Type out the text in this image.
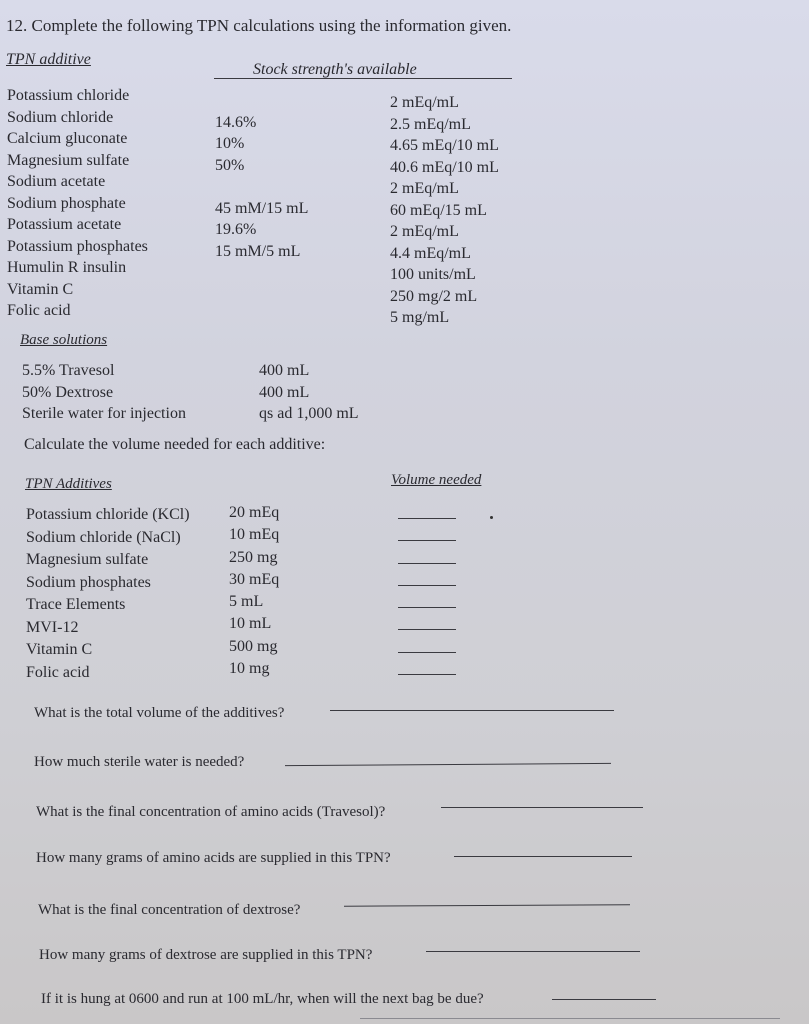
12. Complete the following TPN calculations using the information given.
TPN additive
Stock strength's available
Potassium chloride
Sodium chloride
Calcium gluconate
Magnesium sulfate
Sodium acetate
Sodium phosphate
Potassium acetate
Potassium phosphates
Humulin R insulin
Vitamin C
Folic acid
14.6%
10%
50%
45 mM/15 mL
19.6%
15 mM/5 mL
2 mEq/mL
2.5 mEq/mL
4.65 mEq/10 mL
40.6 mEq/10 mL
2 mEq/mL
60 mEq/15 mL
2 mEq/mL
4.4 mEq/mL
100 units/mL
250 mg/2 mL
5 mg/mL
Base solutions
5.5% Travesol
50% Dextrose
Sterile water for injection
400 mL
400 mL
qs ad 1,000 mL
Calculate the volume needed for each additive:
TPN Additives	Volume needed
Potassium chloride (KCl)
Sodium chloride (NaCl)
Magnesium sulfate
Sodium phosphates
Trace Elements
MVI-12
Vitamin C
Folic acid
20 mEq
10 mEq
250 mg
30 mEq
5 mL
10 mL
500 mg
10 mg
What is the total volume of the additives?
How much sterile water is needed?
What is the final concentration of amino acids (Travesol)?
How many grams of amino acids are supplied in this TPN?
What is the final concentration of dextrose?
How many grams of dextrose are supplied in this TPN?
If it is hung at 0600 and run at 100 mL/hr, when will the next bag be due?
